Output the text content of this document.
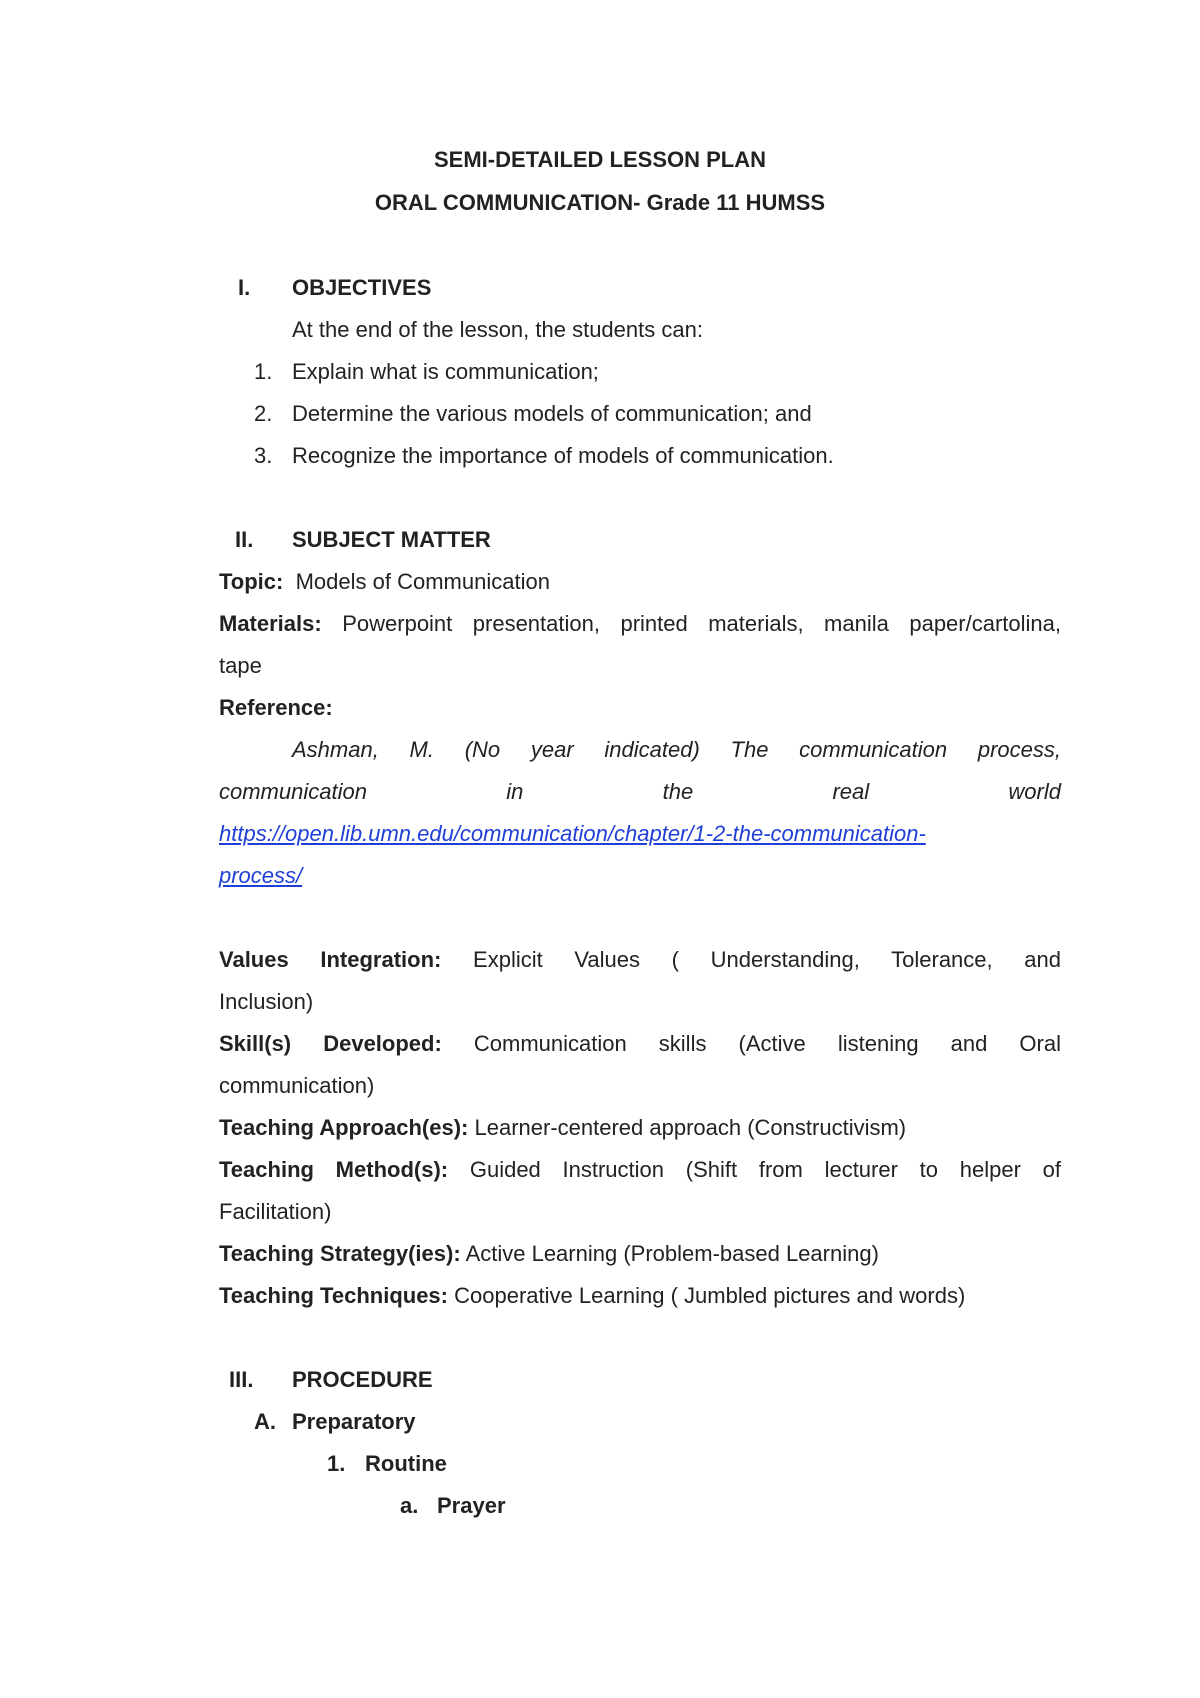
SEMI-DETAILED LESSON PLAN
ORAL COMMUNICATION- Grade 11 HUMSS
I. OBJECTIVES
At the end of the lesson, the students can:
1. Explain what is communication;
2. Determine the various models of communication; and
3. Recognize the importance of models of communication.
II. SUBJECT MATTER
Topic: Models of Communication
Materials: Powerpoint presentation, printed materials, manila paper/cartolina,
tape
Reference:
Ashman, M. (No year indicated) The communication process,
communication	in	the	real	world
https://open.lib.umn.edu/communication/chapter/1-2-the-communication-
process/
Values Integration: Explicit Values ( Understanding, Tolerance, and
Inclusion)
Skill(s) Developed: Communication skills (Active listening and Oral
communication)
Teaching Approach(es): Learner-centered approach (Constructivism)
Teaching Method(s): Guided Instruction (Shift from lecturer to helper of
Facilitation)
Teaching Strategy(ies): Active Learning (Problem-based Learning)
Teaching Techniques: Cooperative Learning ( Jumbled pictures and words)
III. PROCEDURE
A. Preparatory
1. Routine
a. Prayer
